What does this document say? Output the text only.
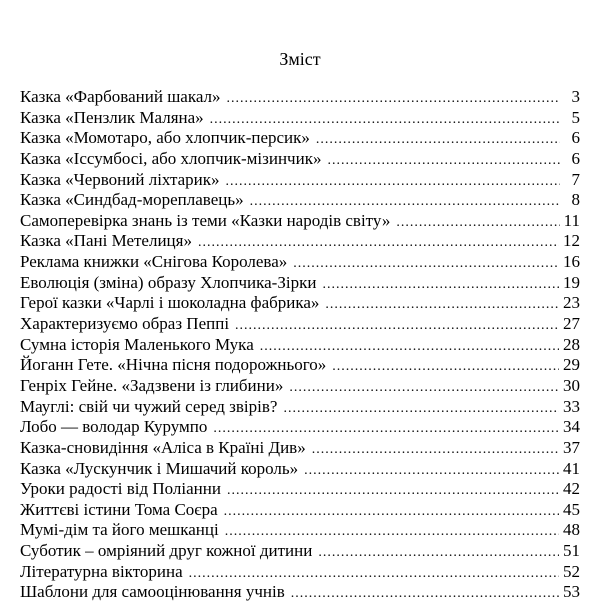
Зміст
Казка «Фарбований шакал» .....	3
Казка «Пензлик Маляна» .....	5
Казка «Момотаро, або хлопчик-персик» .....	6
Казка «Іссумбосі, або хлопчик-мізинчик» .....	6
Казка «Червоний ліхтарик» .....	7
Казка «Синдбад-мореплавець» .....	8
Самоперевірка знань із теми «Казки народів світу» .....	11
Казка «Пані Метелиця» .....	12
Реклама книжки «Снігова Королева» .....	16
Еволюція (зміна) образу Хлопчика-Зірки .....	19
Герої казки «Чарлі і шоколадна фабрика» .....	23
Характеризуємо образ Пеппі .....	27
Сумна історія Маленького Мука .....	28
Йоганн Гете. «Нічна пісня подорожнього» .....	29
Генріх Гейне. «Задзвени із глибини» .....	30
Мауглі: свій чи чужий серед звірів? .....	33
Лобо — володар Курумпо .....	34
Казка-сновидіння «Аліса в Країні Див» .....	37
Казка «Лускунчик і Мишачий король» .....	41
Уроки радості від Поліанни .....	42
Життєві істини Тома Соєра .....	45
Мумі-дім та його мешканці .....	48
Суботик – омріяний друг кожної дитини .....	51
Літературна вікторина .....	52
Шаблони для самооцінювання учнів .....	53
